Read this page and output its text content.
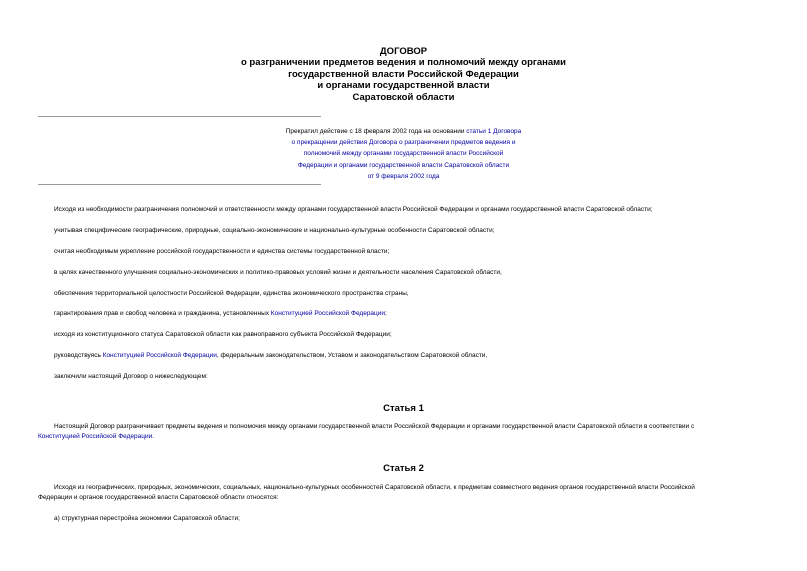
ДОГОВОР
о разграничении предметов ведения и полномочий между органами
государственной власти Российской Федерации
и органами государственной власти
Саратовской области
Прекратил действие с 18 февраля 2002 года на основании статьи 1 Договора
о прекращении действия Договора о разграничении предметов ведения и
полномочий между органами государственной власти Российской
Федерации и органами государственной власти Саратовской области
от 9 февраля 2002 года
Исходя из необходимости разграничения полномочий и ответственности между органами государственной власти Российской Федерации и органами государственной власти Саратовской области;
учитывая специфические географические, природные, социально-экономические и национально-культурные особенности Саратовской области;
считая необходимым укрепление российской государственности и единства системы государственной власти;
в целях качественного улучшения социально-экономических и политико-правовых условий жизни и деятельности населения Саратовской области,
обеспечения территориальной целостности Российской Федерации, единства экономического пространства страны,
гарантирования прав и свобод человека и гражданина, установленных Конституцией Российской Федерации;
исходя из конституционного статуса Саратовской области как равноправного субъекта Российской Федерации;
руководствуясь Конституцией Российской Федерации, федеральным законодательством, Уставом и законодательством Саратовской области,
заключили настоящий Договор о нижеследующем:
Статья 1
Настоящий Договор разграничивает предметы ведения и полномочия между органами государственной власти Российской Федерации и органами государственной власти Саратовской области в соответствии с
Конституцией Российской Федерации.
Статья 2
Исходя из географических, природных, экономических, социальных, национально-культурных особенностей Саратовской области, к предметам совместного ведения органов государственной власти Российской
Федерации и органов государственной власти Саратовской области относятся:
а) структурная перестройка экономики Саратовской области;
